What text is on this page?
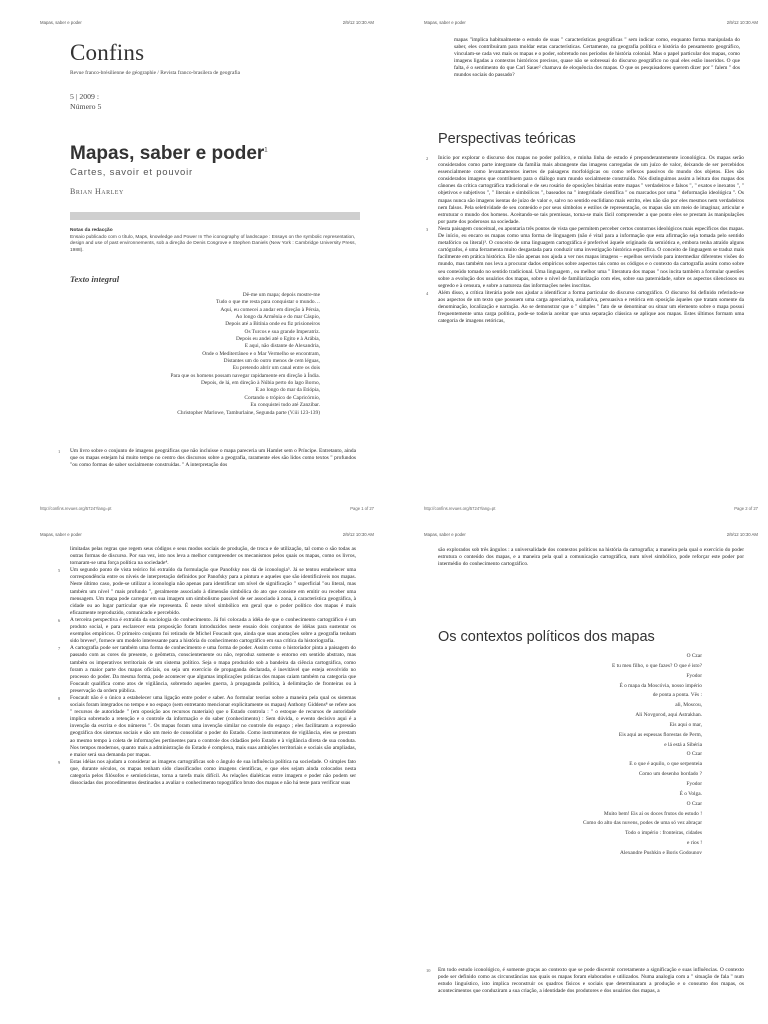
Mapas, saber e poder	2/9/12 10:30 AM
Confins
Revue franco-brésilienne de géographie / Revista franco-brasilera de geografia
5 | 2009 :
Número 5
Mapas, saber e poder$^1$
Cartes, savoir et pouvoir
Brian Harley
Notas da redacção
Ensaio publicado com o título, Maps, knowledge and Power In The iconography of landscape : Essays on the symbolic representation, design and use of past environnements, sob a direção de Denis Cosgrove e Stephen Daniels (New York : Cambridge University Press, 1988).
Texto integral
Dê-me um mapa; depois mostre-me
Tudo o que me resta para conquistar o mundo…
Aqui, eu comecei a andar em direção à Pérsia,
Ao longo da Armênia e do mar Cáspio,
Depois até a Bitínia onde eu fiz prisioneiros
Os Turcos e sua grande Imperatriz.
Depois eu andei até o Egito e à Arábia,
E aqui, não distante de Alexandria,
Onde o Mediterrâneo e o Mar Vermelho se encontram,
Distantes um do outro menos de cem léguas,
Eu pretendo abrir um canal entre os dois
Para que os homens possam navegar rapidamente em direção à Índia.
Depois, de lá, em direção à Núbia perto do lago Borno,
E ao longo do mar da Etiópia,
Cortando o trópico de Capricórnio,
Eu conquistei tudo até Zanzibar.
Christopher Marlowe, Tamburlaine, Segunda parte (V.iii 123-139)

1 Um livro sobre o conjunto de imagens geográficas que não incluisse o mapa pareceria um Hamlet sem o Príncipe. Entretanto, ainda que os mapas estejam há muito tempo no centro dos discursos sobre a geografia, raramente eles são lidos como textos " profundos "ou como formas de saber socialmente construídas. " A interpretação dos

http://confins.revues.org/5724?lang=pt	Page 1 of 27
Mapas, saber e poder	2/9/12 10:30 AM

mapas "implica habitualmente o estudo de suas " características geográficas " sem indicar como, enquanto forma manipulada do saber, eles contribuíram para moldar estas características. Certamente, na geografia política e história do pensamento geográfico, vinculam-se cada vez mais os mapas e o poder, sobretudo nos períodos de história colonial. Mas o papel particular dos mapas, como imagens ligadas a contextos históricos precisos, quase não se sobressai do discurso geográfico no qual eles estão inseridos. O que falta, é o sentimento do que Carl Sauer² chamava de eloquência dos mapas. O que os pesquisadores querem dizer por " falem " dos mundos sociais do passado?

Perspectivas teóricas

2 Inicio por explorar o discurso dos mapas no poder político, e minha linha de estudo é preponderantemente iconológica. Os mapas serão considerados como parte integrante da família mais abrangente das imagens carregadas de um juízo de valor, deixando de ser percebidos essencialmente como levantamentos inertes de paisagens morfológicas ou como reflexos passivos do mundo dos objetos. Eles são considerados imagens que contribuem para o diálogo num mundo socialmente construído. Nós distinguimos assim a leitura dos mapas dos cânones da crítica cartográfica tradicional e de seu rosário de oposições binárias entre mapas " verdadeiros e falsos ", " exatos e inexatos ", " objetivos e subjetivos ", " literais e simbólicos ", baseados na " integridade científica " ou marcados por uma " deformação ideológica ". Os mapas nunca são imagens isentas de juízo de valor e, salvo no sentido euclidiano mais estrito, eles não são por eles mesmos nem verdadeiros nem falsos. Pela seletividade de seu conteúdo e por seus símbolos e estilos de representação, os mapas são um meio de imaginar, articular e estruturar o mundo dos homens. Aceitando-se tais premissas, torna-se mais fácil compreender a que ponto eles se prestam às manipulações por parte dos poderosos na sociedade.

3 Nesta paisagem conceitual, eu apontaria três pontos de vista que permitem perceber certos contornos ideológicos mais específicos dos mapas. De início, eu encaro os mapas como uma forma de linguagem (não é vital para a informação que esta afirmação seja tomada pelo sentido metafórico ou literal)³. O conceito de uma linguagem cartográfica é preferível àquele originado da semiótica e, embora tenha atraído alguns cartógrafos, é uma ferramenta muito desgastada para conduzir uma investigação histórica específica. O conceito de linguagem se traduz mais facilmente em prática histórica. Ele não apenas nos ajuda a ver nos mapas imagens – espelhos servindo para intermediar diferentes visões do mundo, mas também nos leva a procurar dados empíricos sobre aspectos tais como os códigos e o contexto da cartografia assim como sobre seu conteúdo tomado no sentido tradicional. Uma linguagem , ou melhor uma " literatura dos mapas " nos incita também a formular questões sobre a evolução dos usuários dos mapas, sobre o nível de familiarização com eles, sobre sua paternidade, sobre os aspectos silenciosos ou segredo e à censura, e sobre a natureza das informações neles inscritas.

4 Além disso, a crítica literária pode nos ajudar a identificar a forma particular do discurso cartográfico. O discurso foi definido referindo-se aos aspectos de um texto que possuem uma carga apreciativa, avaliativa, persuasiva e retórica em oposição àqueles que tratam somente da denominação, localização e narração. Ao se demonstrar que o " simples " fato de se denominar ou situar um elemento sobre o mapa possui frequentemente uma carga política, pode-se todavia aceitar que uma separação clássica se aplique aos mapas. Estes últimos formam uma categoria de imagens retóricas,

http://confins.revues.org/5724?lang=pt	Page 2 of 27
Mapas, saber e poder	2/9/12 10:30 AM

limitadas pelas regras que regem seus códigos e seus modos sociais de produção, de troca e de utilização, tal como o são todas as outras formas de discurso. Por sua vez, isto nos leva a melhor compreender os mecanismos pelos quais os mapas, como os livros, tornaram-se uma força política na sociedade⁴.

5 Um segundo ponto de vista teórico foi extraído da formulação que Panofsky nos dá de iconologia⁵. Já se tentou estabelecer uma correspondência entre os níveis de interpretação definidos por Panofsky para a pintura e aqueles que são identificáveis nos mapas. Neste último caso, pode-se utilizar a iconologia não apenas para identificar um nível de significação " superficial "ou literal, mas também um nível " mais profundo ", geralmente associado à dimensão simbólica do ato que consiste em emitir ou receber uma mensagem. Um mapa pode carregar em sua imagem um simbolismo passível de ser associado à zona, à característica geográfica, à cidade ou ao lugar particular que ele representa. É neste nível simbólico em geral que o poder político dos mapas é mais eficazmente reproduzido, comunicado e percebido.

6 A terceira perspectiva é extraída da sociologia do conhecimento. Já foi colocada a idéia de que o conhecimento cartográfico é um produto social, e para esclarecer esta proposição foram introduzidos neste ensaio dois conjuntos de idéias para sustentar os exemplos empíricos. O primeiro conjunto foi retirado de Michel Foucault que, ainda que suas anotações sobre a geografia tenham sido breves⁶, fornece um modelo interessante para a história do conhecimento cartográfico em sua crítica da historiografia.

7 A cartografia pode ser também uma forma de conhecimento e uma forma de poder. Assim como o historiador pinta a paisagem do passado com as cores do presente, o geômetra, conscientemente ou não, reproduz somente o entorno em sentido abstrato, mas também os imperativos territoriais de um sistema político. Seja o mapa produzido sob a bandeira da ciência cartográfica, como foram a maior parte dos mapas oficiais, ou seja um exercício de propaganda declarada, é inevitável que esteja envolvido no processo do poder. Da mesma forma, pode acontecer que algumas implicações práticas dos mapas caiam também na categoria que Foucault qualifica como atos de vigilância, sobretudo aqueles guerra, à propaganda política, à delimitação de fronteiras ou à preservação da ordem pública.

8 Foucault não é o único a estabelecer uma ligação entre poder e saber. Ao formular teorias sobre a maneira pela qual os sistemas sociais foram integrados no tempo e no espaço (sem entretanto mencionar explicitamente os mapas) Anthony Giddens⁸ se refere aos " recursos de autoridade " (em oposição aos recursos materiais) que o Estado controla : " o estoque de recursos de autoridade implica sobretudo a retenção e o controle da informação e do saber (conhecimento) : Sem dúvida, o evento decisivo aqui é a invenção da escrita e dos números ". Os mapas foram uma invenção similar no controle do espaço ; eles facilitaram a expressão geográfica dos sistemas sociais e são um meio de consolidar o poder do Estado. Como instrumentos de vigilância, eles se prestam ao mesmo tempo à coleta de informações pertinentes para o controle dos cidadãos pelo Estado e à vigilância direta de sua conduta. Nos tempos modernos, quanto mais a administração do Estado é complexa, mais suas ambições territoriais e sociais são ampliadas, e maior será sua demanda por mapas.

9 Estas idéias nos ajudam a considerar as imagens cartográficas sob o ângulo de sua influência política na sociedade. O simples fato que, durante séculos, os mapas tenham sido classificados como imagens científicas, e que eles sejam ainda colocados nesta categoria pelos filósofos e semioticistas, torna a tarefa mais difícil. As relações dialéticas entre imagem e poder não podem ser dissociadas dos procedimentos destinados a avaliar o conhecimento topográfico bruto dos mapas e não há teste para verificar suas

Mapas, saber e poder	2/9/12 10:30 AM

são explorados sob três ângulos : a universalidade dos contextos políticos na história da cartografia; a maneira pela qual o exercício do poder estrutura o conteúdo dos mapas, e a maneira pela qual a comunicação cartográfica, num nível simbólico, pode reforçar este poder por intermédio do conhecimento cartográfico.

Os contextos políticos dos mapas
O Czar
E tu meu filho, o que fazes? O que é isto?
Fyodor
É o mapa da Moscóvia, nosso império
de ponta a ponta. Vês :
ali, Moscou,
Ali Novgorod, aqui Astrakhan.
Eis aqui o mar,
Eis aqui as espessas florestas de Perm,
e lá está a Sibéria
O Czar
E o que é aquilo, o que serpenteia
Como um desenho bordado ?
Fyodor
É o Volga.
O Czar
Muito bem! Eis aí os doces frutos do estudo !
Como do alto das nuvens, podes de uma só vez abraçar
Todo o império : fronteiras, cidades
e rios !
Alexandre Pushkin e Boris Godounov

10 Em todo estudo iconológico, é somente graças ao contexto que se pode discernir corretamente a significação e suas influências. O contexto pode ser definido como as circunstâncias nas quais os mapas foram elaborados e utilizados. Numa analogia com a " situação de fala " num estudo linguístico, isto implica reconstruir os quadros físicos e sociais que determinaram a produção e o consumo dos mapas, os acontecimentos que conduziram a sua criação, a identidade dos produtores e dos usuários dos mapas, a
